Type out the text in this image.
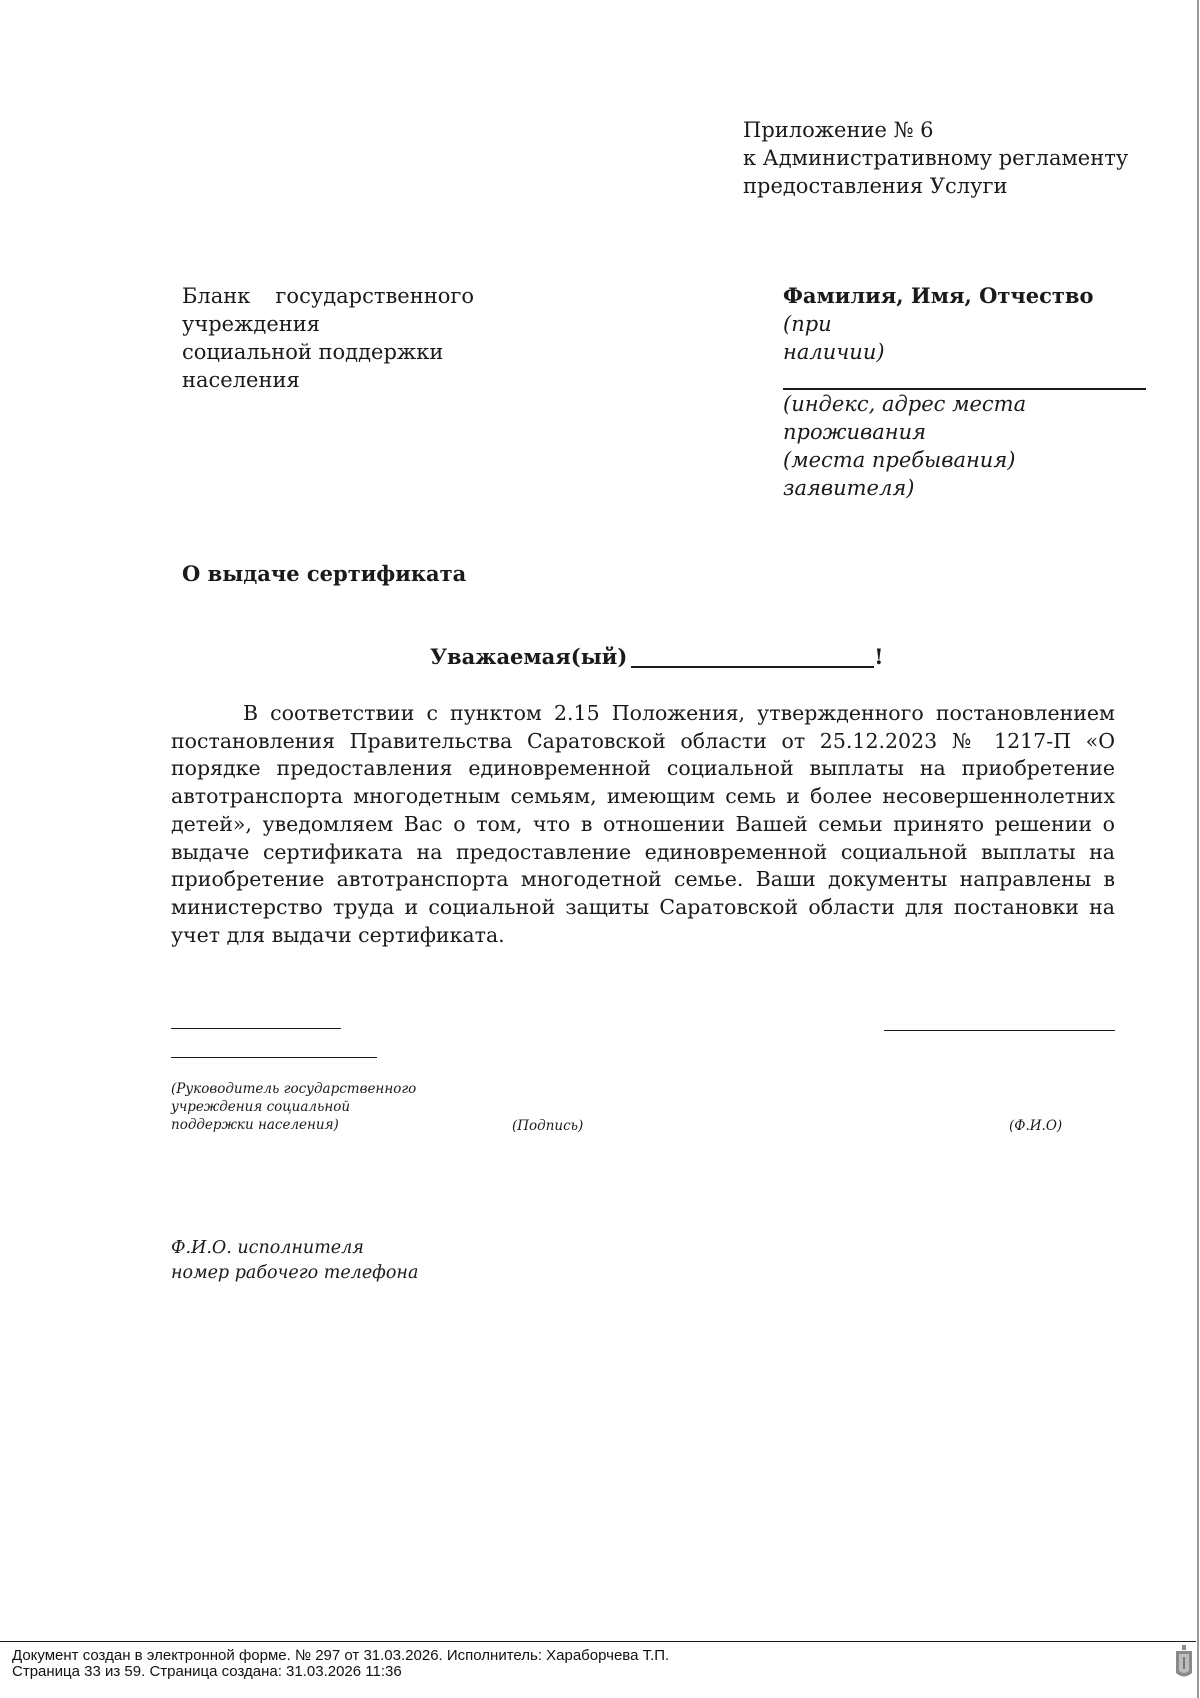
Приложение № 6
к Административному регламенту
предоставления Услуги
Бланк государственного
учреждения
социальной поддержки
населения
Фамилия, Имя, Отчество (при
наличии)
(индекс, адрес места проживания
(места пребывания) заявителя)
О выдаче сертификата
Уважаемая(ый)	!

В соответствии с пунктом 2.15 Положения, утвержденного постановлением постановления Правительства Саратовской области от 25.12.2023 № 1217-П «О порядке предоставления единовременной социальной выплаты на приобретение автотранспорта многодетным семьям, имеющим семь и более несовершеннолетних детей», уведомляем Вас о том, что в отношении Вашей семьи принято решении о выдаче сертификата на предоставление единовременной социальной выплаты на приобретение автотранспорта многодетной семье. Ваши документы направлены в министерство труда и социальной защиты Саратовской области для постановки на учет для выдачи сертификата.

(Руководитель государственного
учреждения социальной
поддержки населения)	(Подпись)	(Ф.И.О)
Ф.И.О. исполнителя
номер рабочего телефона
Документ создан в электронной форме. № 297 от 31.03.2026. Исполнитель: Хараборчева Т.П.
Страница 33 из 59. Страница создана: 31.03.2026 11:36
